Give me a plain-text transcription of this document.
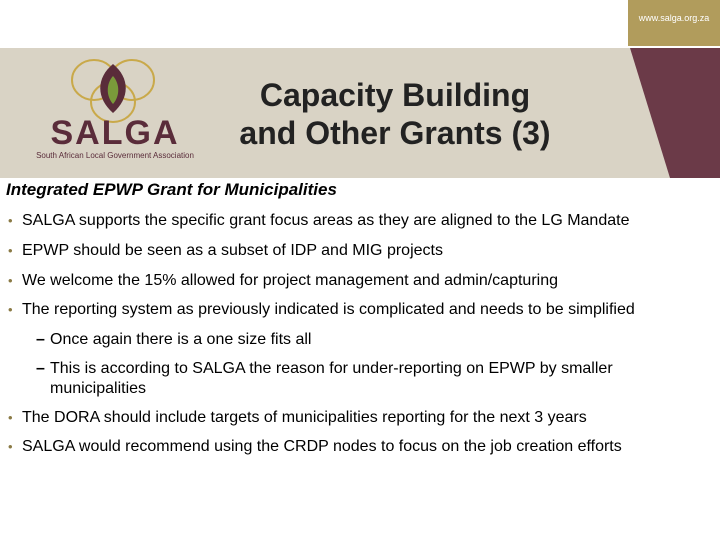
www.salga.org.za
SALGA
South African Local Government Association
Capacity Building
and Other Grants (3)
Integrated EPWP Grant for Municipalities
• SALGA supports the specific grant focus areas as they are aligned to the LG Mandate
• EPWP should be seen as a subset of IDP and MIG projects
• We welcome the 15% allowed for project management and admin/capturing
• The reporting system as previously indicated is complicated and needs to be simplified
– Once again there is a one size fits all
– This is according to SALGA the reason for under-reporting on EPWP by smaller municipalities
• The DORA should include targets of municipalities reporting for the next 3 years
• SALGA would recommend using the CRDP nodes to focus on the job creation efforts
